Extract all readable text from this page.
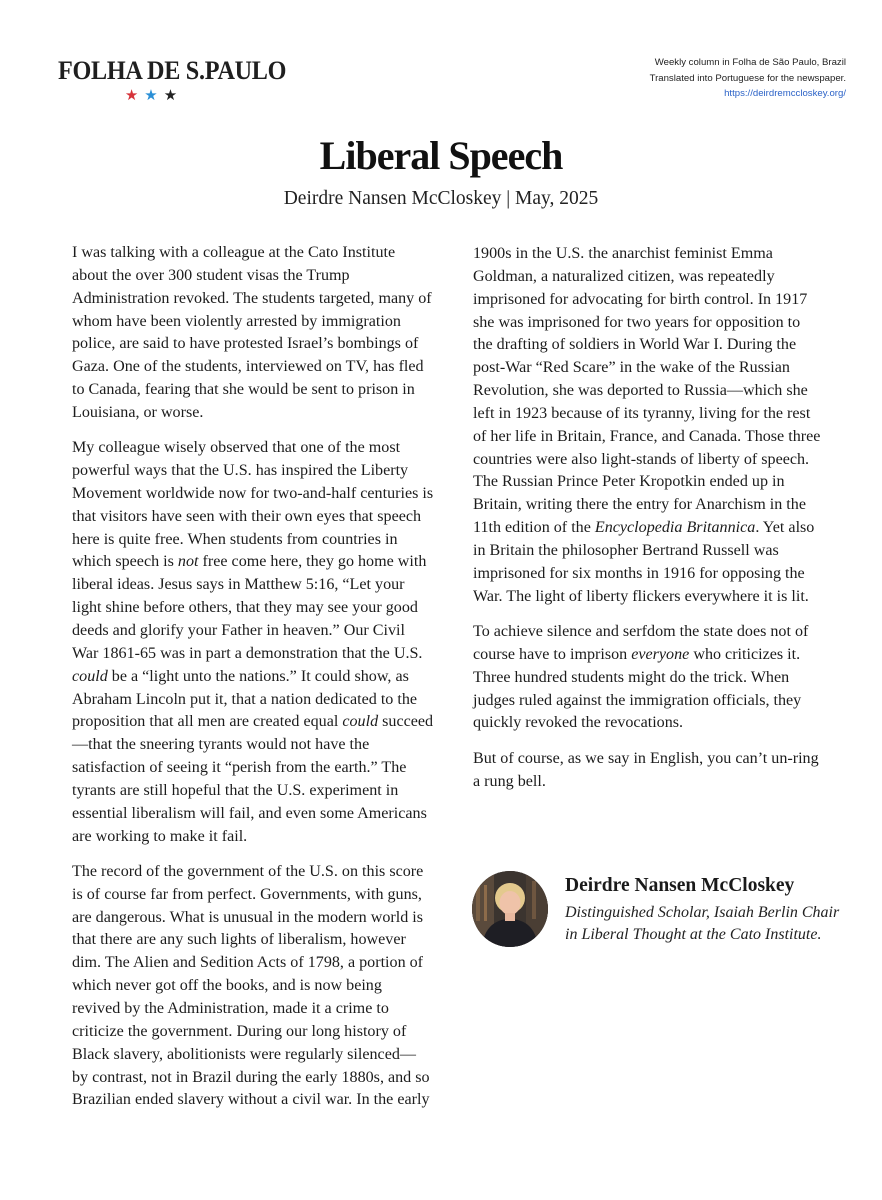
FOLHA DE S.PAULO
★★★
Weekly column in Folha de São Paulo, Brazil
Translated into Portuguese for the newspaper.
https://deirdremccloskey.org/
Liberal Speech
Deirdre Nansen McCloskey | May, 2025

I was talking with a colleague at the Cato Institute about the over 300 student visas the Trump Administration revoked. The students targeted, many of whom have been violently arrested by immigration police, are said to have protested Israel’s bombings of Gaza. One of the students, interviewed on TV, has fled to Canada, fearing that she would be sent to prison in Louisiana, or worse.

My colleague wisely observed that one of the most powerful ways that the U.S. has inspired the Liberty Movement worldwide now for two-and-half centuries is that visitors have seen with their own eyes that speech here is quite free. When students from countries in which speech is not free come here, they go home with liberal ideas. Jesus says in Matthew 5:16, “Let your light shine before others, that they may see your good deeds and glorify your Father in heaven.” Our Civil War 1861-65 was in part a demonstration that the U.S. could be a “light unto the nations.” It could show, as Abraham Lincoln put it, that a nation dedicated to the proposition that all men are created equal could succeed—that the sneering tyrants would not have the satisfaction of seeing it “perish from the earth.” The tyrants are still hopeful that the U.S. experiment in essential liberalism will fail, and even some Americans are working to make it fail.

The record of the government of the U.S. on this score is of course far from perfect. Governments, with guns, are dangerous. What is unusual in the modern world is that there are any such lights of liberalism, however dim. The Alien and Sedition Acts of 1798, a portion of which never got off the books, and is now being revived by the Administration, made it a crime to criticize the government. During our long history of Black slavery, abolitionists were regularly silenced— by contrast, not in Brazil during the early 1880s, and so Brazilian ended slavery without a civil war. In the early

1900s in the U.S. the anarchist feminist Emma Goldman, a naturalized citizen, was repeatedly imprisoned for advocating for birth control. In 1917 she was imprisoned for two years for opposition to the drafting of soldiers in World War I. During the post-War “Red Scare” in the wake of the Russian Revolution, she was deported to Russia—which she left in 1923 because of its tyranny, living for the rest of her life in Britain, France, and Canada. Those three countries were also light-stands of liberty of speech. The Russian Prince Peter Kropotkin ended up in Britain, writing there the entry for Anarchism in the 11th edition of the Encyclopedia Britannica. Yet also in Britain the philosopher Bertrand Russell was imprisoned for six months in 1916 for opposing the War. The light of liberty flickers everywhere it is lit.

To achieve silence and serfdom the state does not of course have to imprison everyone who criticizes it. Three hundred students might do the trick. When judges ruled against the immigration officials, they quickly revoked the revocations.

But of course, as we say in English, you can’t un-ring a rung bell.

Deirdre Nansen McCloskey
Distinguished Scholar, Isaiah Berlin Chair in Liberal Thought at the Cato Institute.
